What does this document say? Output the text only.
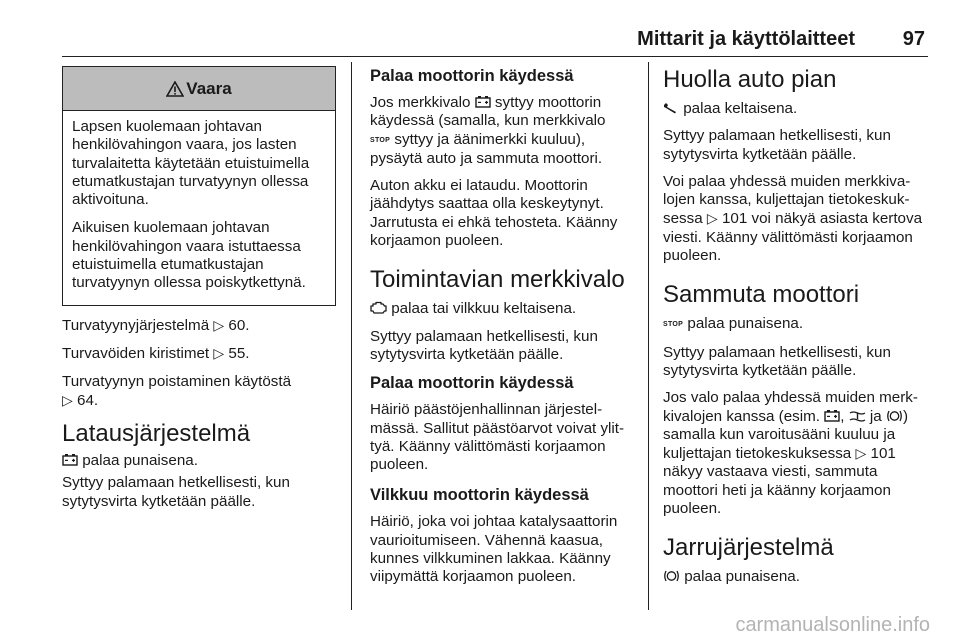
Mittarit ja käyttölaitteet	97
Vaara

Lapsen kuolemaan johtavan henkilövahingon vaara, jos lasten turvalaitetta käytetään etuistuimella etumatkustajan turvatyynyn ollessa aktivoituna.

Aikuisen kuolemaan johtavan henkilövahingon vaara istuttaessa etuistuimella etumatkustajan turvatyynyn ollessa poiskytkettynä.

Turvatyynyjärjestelmä ▷ 60.

Turvavöiden kiristimet ▷ 55.

Turvatyynyn poistaminen käytöstä
▷ 64.

Latausjärjestelmä

palaa punaisena.

Syttyy palamaan hetkellisesti, kun
sytytysvirta kytketään päälle.

Palaa moottorin käydessä

Jos merkkivalo syttyy moottorin
käydessä (samalla, kun merkkivalo
STOP syttyy ja äänimerkki kuuluu),
pysäytä auto ja sammuta moottori.

Auton akku ei lataudu. Moottorin jäähdytys saattaa olla keskeytynyt. Jarrutusta ei ehkä tehosteta. Käänny korjaamon puoleen.

Toimintavian merkkivalo

palaa tai vilkkuu keltaisena.

Syttyy palamaan hetkellisesti, kun sytytysvirta kytketään päälle.

Palaa moottorin käydessä

Häiriö päästöjenhallinnan järjestelmässä. Sallitut päästöarvot voivat ylittyä. Käänny välittömästi korjaamon puoleen.

Vilkkuu moottorin käydessä

Häiriö, joka voi johtaa katalysaattorin vaurioitumiseen. Vähennä kaasua, kunnes vilkkuminen lakkaa. Käänny viipymättä korjaamon puoleen.

Huolla auto pian

palaa keltaisena.

Syttyy palamaan hetkellisesti, kun sytytysvirta kytketään päälle.

Voi palaa yhdessä muiden merkkivalojen kanssa, kuljettajan tietokeskuksessa ▷ 101 voi näkyä asiasta kertova viesti. Käänny välittömästi korjaamon puoleen.

Sammuta moottori

STOP palaa punaisena.

Syttyy palamaan hetkellisesti, kun sytytysvirta kytketään päälle.

Jos valo palaa yhdessä muiden merkkivalojen kanssa (esim. ,  ja ) samalla kun varoitusääni kuuluu ja kuljettajan tietokeskuksessa ▷ 101 näkyy vastaava viesti, sammuta moottori heti ja käänny korjaamon puoleen.

Jarrujärjestelmä

palaa punaisena.

carmanualsonline.info
